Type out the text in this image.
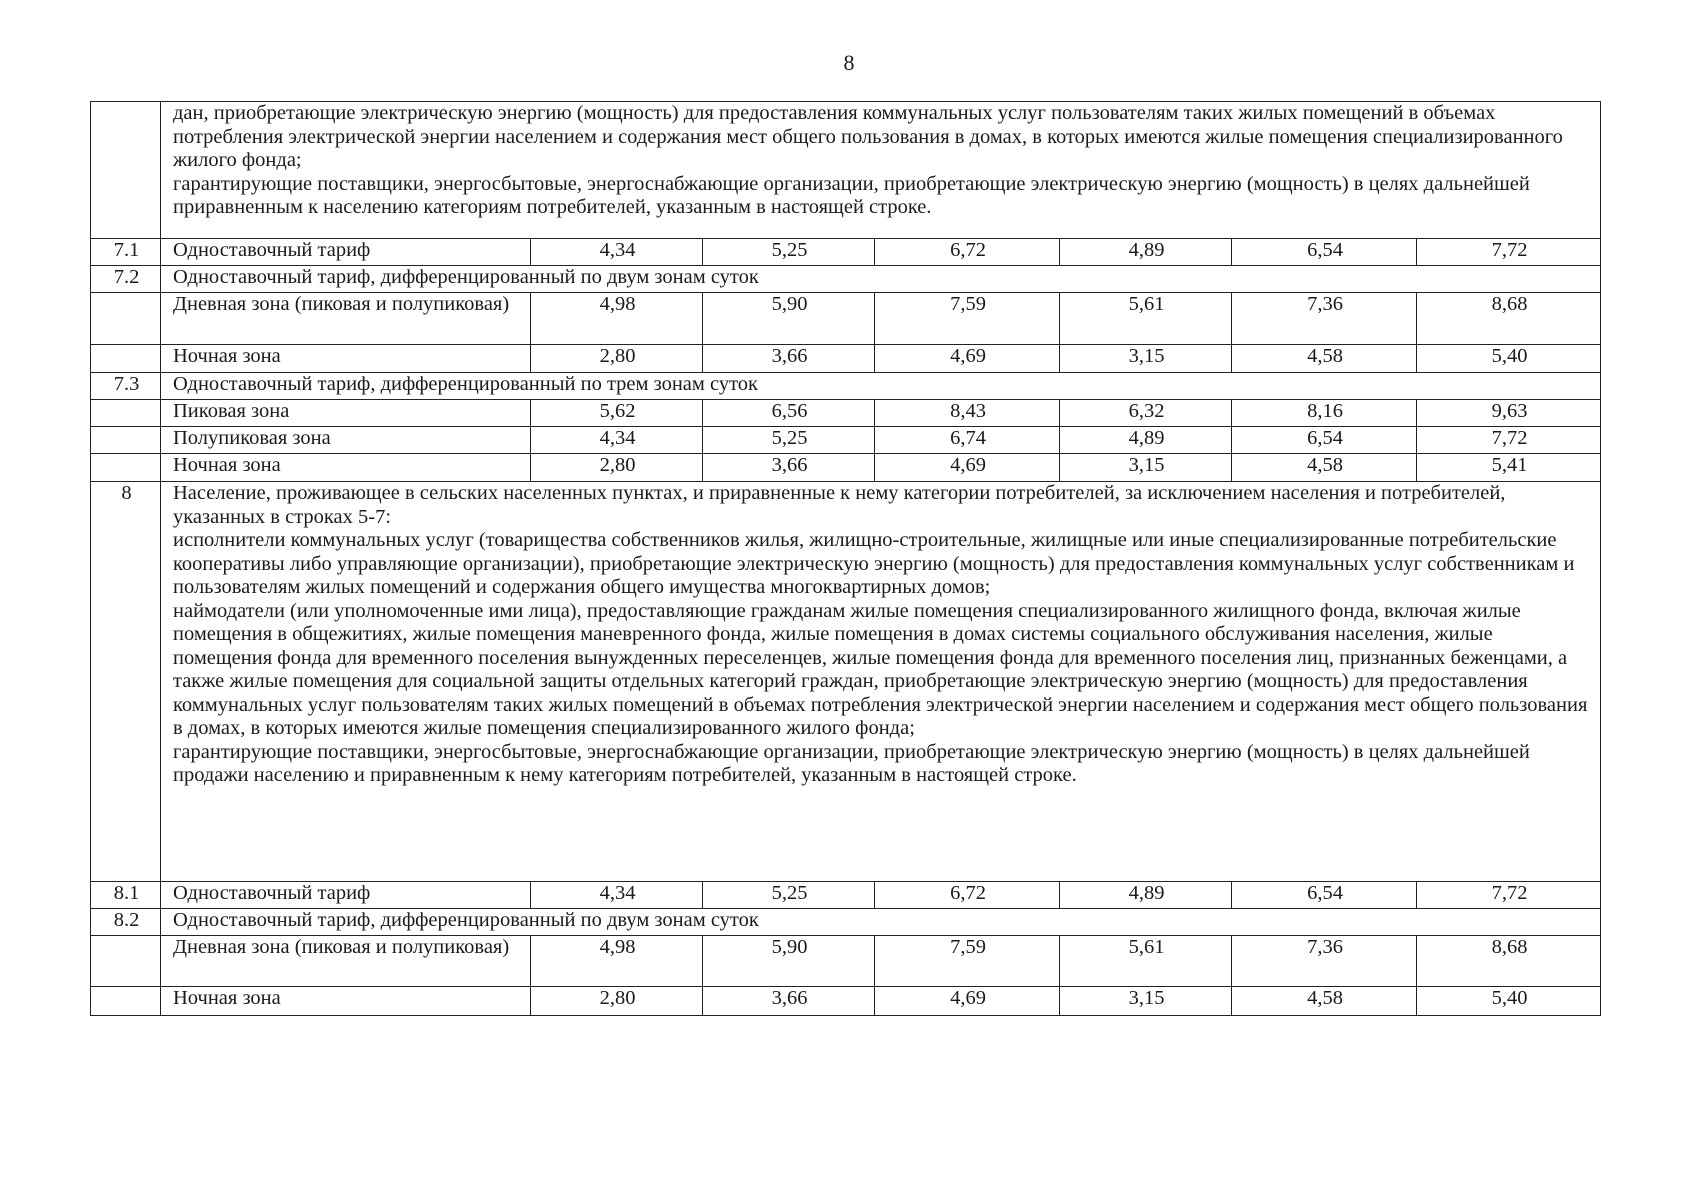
8

	дан, приобретающие электрическую энергию (мощность) для предоставления коммунальных услуг пользователям таких жилых помещений в объемах потребления электрической энергии населением и содержания мест общего пользования в домах, в которых имеются жилые помещения специализированного жилого фонда;
гарантирующие поставщики, энергосбытовые, энергоснабжающие организации, приобретающие электрическую энергию (мощность) в целях дальнейшей приравненным к населению категориям потребителей, указанным в настоящей строке.						

7.1	Одноставочный тариф	4,34	5,25	6,72	4,89	6,54	7,72
7.2	Одноставочный тариф, дифференцированный по двум зонам суток						
	Дневная зона (пиковая и полупиковая)	4,98	5,90	7,59	5,61	7,36	8,68
	Ночная зона	2,80	3,66	4,69	3,15	4,58	5,40
7.3	Одноставочный тариф, дифференцированный по трем зонам суток						
	Пиковая зона	5,62	6,56	8,43	6,32	8,16	9,63
	Полупиковая зона	4,34	5,25	6,74	4,89	6,54	7,72
	Ночная зона	2,80	3,66	4,69	3,15	4,58	5,41
8	Население, проживающее в сельских населенных пунктах, и приравненные к нему категории потребителей, за исключением населения и потребителей, указанных в строках 5-7:
исполнители коммунальных услуг (товарищества собственников жилья, жилищно-строительные, жилищные или иные специализированные потребительские кооперативы либо управляющие организации), приобретающие электрическую энергию (мощность) для предоставления коммунальных услуг собственникам и пользователям жилых помещений и содержания общего имущества многоквартирных домов;
наймодатели (или уполномоченные ими лица), предоставляющие гражданам жилые помещения специализированного жилищного фонда, включая жилые помещения в общежитиях, жилые помещения маневренного фонда, жилые помещения в домах системы социального обслуживания населения, жилые помещения фонда для временного поселения вынужденных переселенцев, жилые помещения фонда для временного поселения лиц, признанных беженцами, а также жилые помещения для социальной защиты отдельных категорий граждан, приобретающие электрическую энергию (мощность) для предоставления коммунальных услуг пользователям таких жилых помещений в объемах потребления электрической энергии населением и содержания мест общего пользования в домах, в которых имеются жилые помещения специализированного жилого фонда;
гарантирующие поставщики, энергосбытовые, энергоснабжающие организации, приобретающие электрическую энергию (мощность) в целях дальнейшей продажи населению и приравненным к нему категориям потребителей, указанным в настоящей строке.						

8.1	Одноставочный тариф	4,34	5,25	6,72	4,89	6,54	7,72
8.2	Одноставочный тариф, дифференцированный по двум зонам суток						
	Дневная зона (пиковая и полупиковая)	4,98	5,90	7,59	5,61	7,36	8,68
	Ночная зона	2,80	3,66	4,69	3,15	4,58	5,40
